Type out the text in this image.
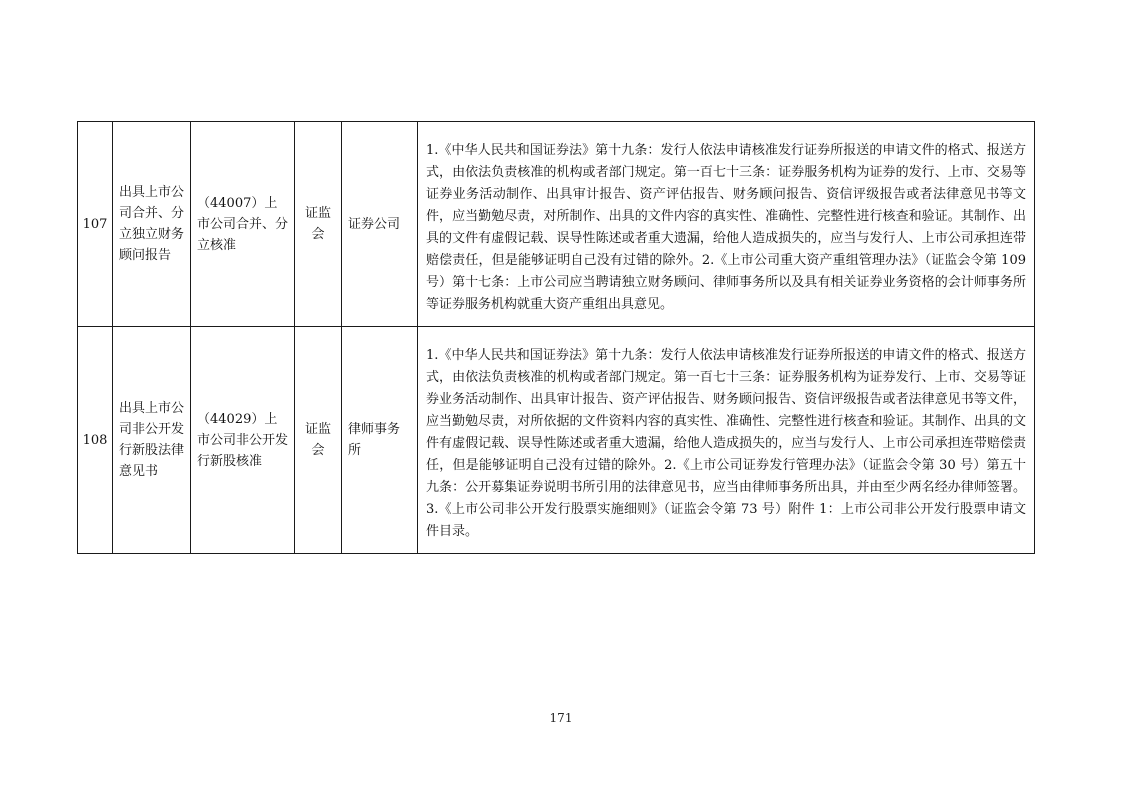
107	出具上市公司合并、分立独立财务顾问报告	（44007）上市公司合并、分立核准	证监会	证券公司	1.《中华人民共和国证券法》第十九条：发行人依法申请核准发行证券所报送的申请文件的格式、报送方式，由依法负责核准的机构或者部门规定。第一百七十三条：证券服务机构为证券的发行、上市、交易等证券业务活动制作、出具审计报告、资产评估报告、财务顾问报告、资信评级报告或者法律意见书等文件，应当勤勉尽责，对所制作、出具的文件内容的真实性、准确性、完整性进行核查和验证。其制作、出具的文件有虚假记载、误导性陈述或者重大遗漏，给他人造成损失的，应当与发行人、上市公司承担连带赔偿责任，但是能够证明自己没有过错的除外。2.《上市公司重大资产重组管理办法》（证监会令第 109 号）第十七条：上市公司应当聘请独立财务顾问、律师事务所以及具有相关证券业务资格的会计师事务所等证券服务机构就重大资产重组出具意见。
108	出具上市公司非公开发行新股法律意见书	（44029）上市公司非公开发行新股核准	证监会	律师事务所	1.《中华人民共和国证券法》第十九条：发行人依法申请核准发行证券所报送的申请文件的格式、报送方式，由依法负责核准的机构或者部门规定。第一百七十三条：证券服务机构为证券发行、上市、交易等证券业务活动制作、出具审计报告、资产评估报告、财务顾问报告、资信评级报告或者法律意见书等文件，应当勤勉尽责，对所依据的文件资料内容的真实性、准确性、完整性进行核查和验证。其制作、出具的文件有虚假记载、误导性陈述或者重大遗漏，给他人造成损失的，应当与发行人、上市公司承担连带赔偿责任，但是能够证明自己没有过错的除外。2.《上市公司证券发行管理办法》（证监会令第 30 号）第五十九条：公开募集证券说明书所引用的法律意见书，应当由律师事务所出具，并由至少两名经办律师签署。3.《上市公司非公开发行股票实施细则》（证监会令第 73 号）附件 1：上市公司非公开发行股票申请文件目录。
171
